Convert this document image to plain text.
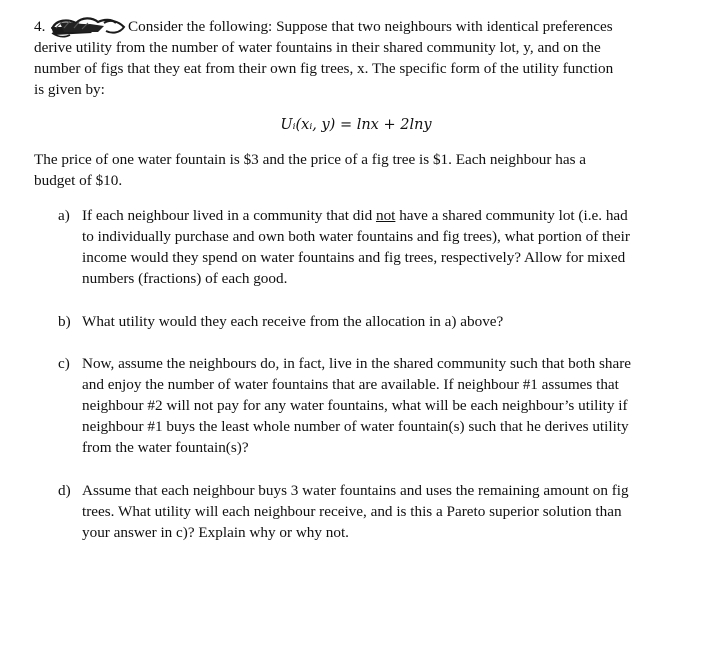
4.	Consider the following: Suppose that two neighbours with identical preferences
derive utility from the number of water fountains in their shared community lot, y, and on the
number of figs that they eat from their own fig trees, x. The specific form of the utility function
is given by:
Uᵢ(xᵢ, y) = lnx + 2lny
The price of one water fountain is $3 and the price of a fig tree is $1. Each neighbour has a
budget of $10.
a) If each neighbour lived in a community that did not have a shared community lot (i.e. had
to individually purchase and own both water fountains and fig trees), what portion of their
income would they spend on water fountains and fig trees, respectively? Allow for mixed
numbers (fractions) of each good.
b) What utility would they each receive from the allocation in a) above?
c) Now, assume the neighbours do, in fact, live in the shared community such that both share
and enjoy the number of water fountains that are available. If neighbour #1 assumes that
neighbour #2 will not pay for any water fountains, what will be each neighbour’s utility if
neighbour #1 buys the least whole number of water fountain(s) such that he derives utility
from the water fountain(s)?
d) Assume that each neighbour buys 3 water fountains and uses the remaining amount on fig
trees. What utility will each neighbour receive, and is this a Pareto superior solution than
your answer in c)? Explain why or why not.
